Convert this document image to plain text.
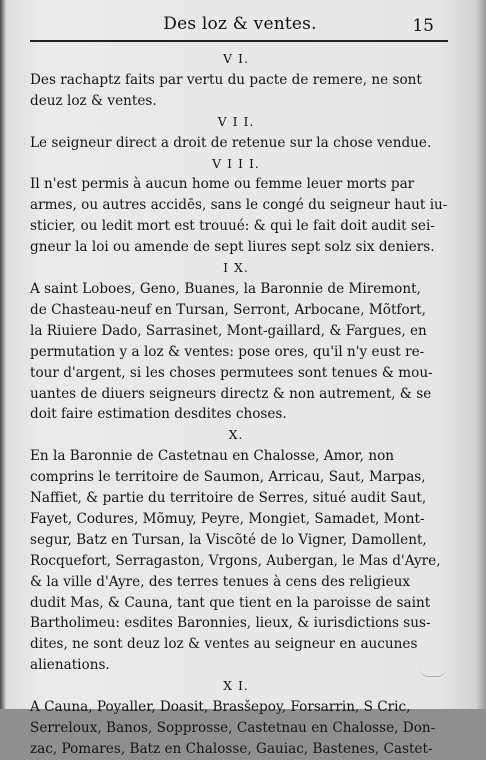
Des loz & ventes.	15
V I.
Des rachaptz faits par vertu du pacte de remere, ne sont
deuz loz & ventes.
V I I.
Le seigneur direct a droit de retenue sur la chose vendue.
V I I I.
Il n'est permis à aucun home ou femme leuer morts par
armes, ou autres accidēs, sans le congé du seigneur haut iu-
sticier, ou ledit mort est trouué: & qui le fait doit audit sei-
gneur la loi ou amende de sept liures sept solz six deniers.
I X.
A saint Loboes, Geno, Buanes, la Baronnie de Miremont,
de Chasteau-neuf en Tursan, Serront, Arbocane, Mõtfort,
la Riuiere Dado, Sarrasinet, Mont-gaillard, & Fargues, en
permutation y a loz & ventes: pose ores, qu'il n'y eust re-
tour d'argent, si les choses permutees sont tenues & mou-
uantes de diuers seigneurs directz & non autrement, & se
doit faire estimation desdites choses.
X.
En la Baronnie de Castetnau en Chalosse, Amor, non
comprins le territoire de Saumon, Arricau, Saut, Marpas,
Naffiet, & partie du territoire de Serres, situé audit Saut,
Fayet, Codures, Mõmuy, Peyre, Mongiet, Samadet, Mont-
segur, Batz en Tursan, la Viscõté de lo Vigner, Damollent,
Rocquefort, Serragaston, Vrgons, Aubergan, le Mas d'Ayre,
& la ville d'Ayre, des terres tenues à cens des religieux
dudit Mas, & Cauna, tant que tient en la paroisse de saint
Bartholimeu: esdites Baronnies, lieux, & iurisdictions sus-
dites, ne sont deuz loz & ventes au seigneur en aucunes
alienations.
X I.
A Cauna, Poyaller, Doasit, Brasšepoy, Forsarrin, S Cric,
Serreloux, Banos, Sopprosse, Castetnau en Chalosse, Don-
zac, Pomares, Batz en Chalosse, Gauiac, Bastenes, Castet-
